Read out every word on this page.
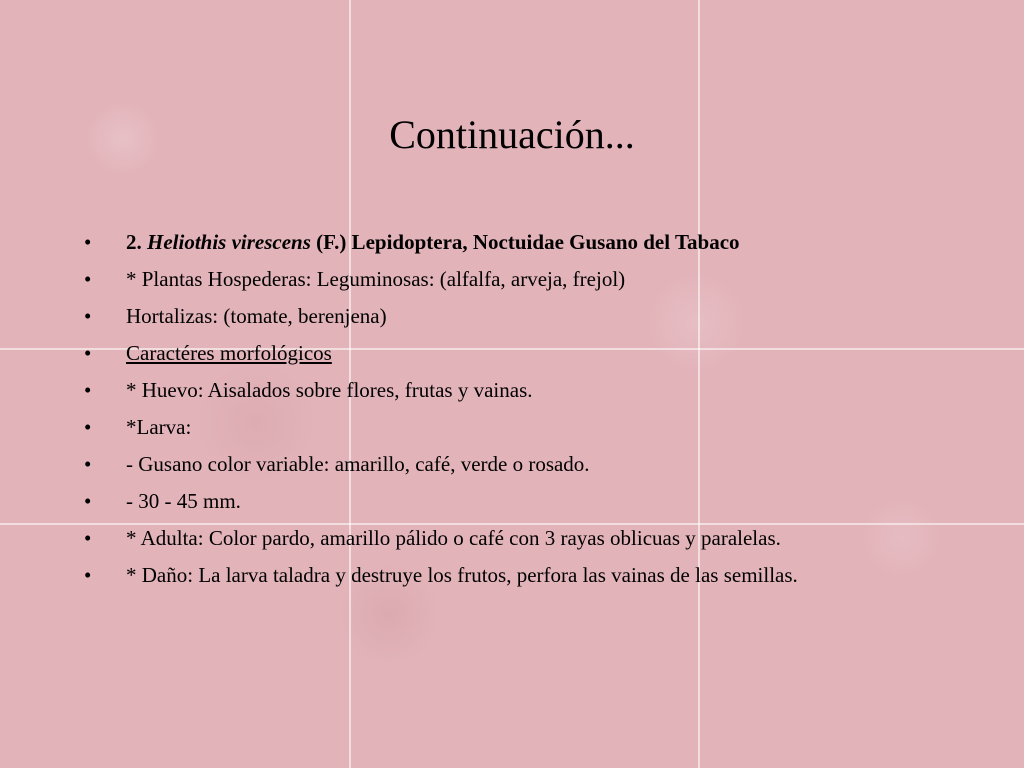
Continuación...
• 2. Heliothis virescens (F.) Lepidoptera, Noctuidae Gusano del Tabaco
• * Plantas Hospederas: Leguminosas: (alfalfa, arveja, frejol)
• Hortalizas: (tomate, berenjena)
• Caractéres morfológicos
• * Huevo: Aisalados sobre flores, frutas y vainas.
• *Larva:
• - Gusano color variable: amarillo, café, verde o rosado.
• - 30 - 45 mm.
• * Adulta: Color pardo, amarillo pálido o café con 3 rayas oblicuas y paralelas.
• * Daño: La larva taladra y destruye los frutos, perfora las vainas de las semillas.
